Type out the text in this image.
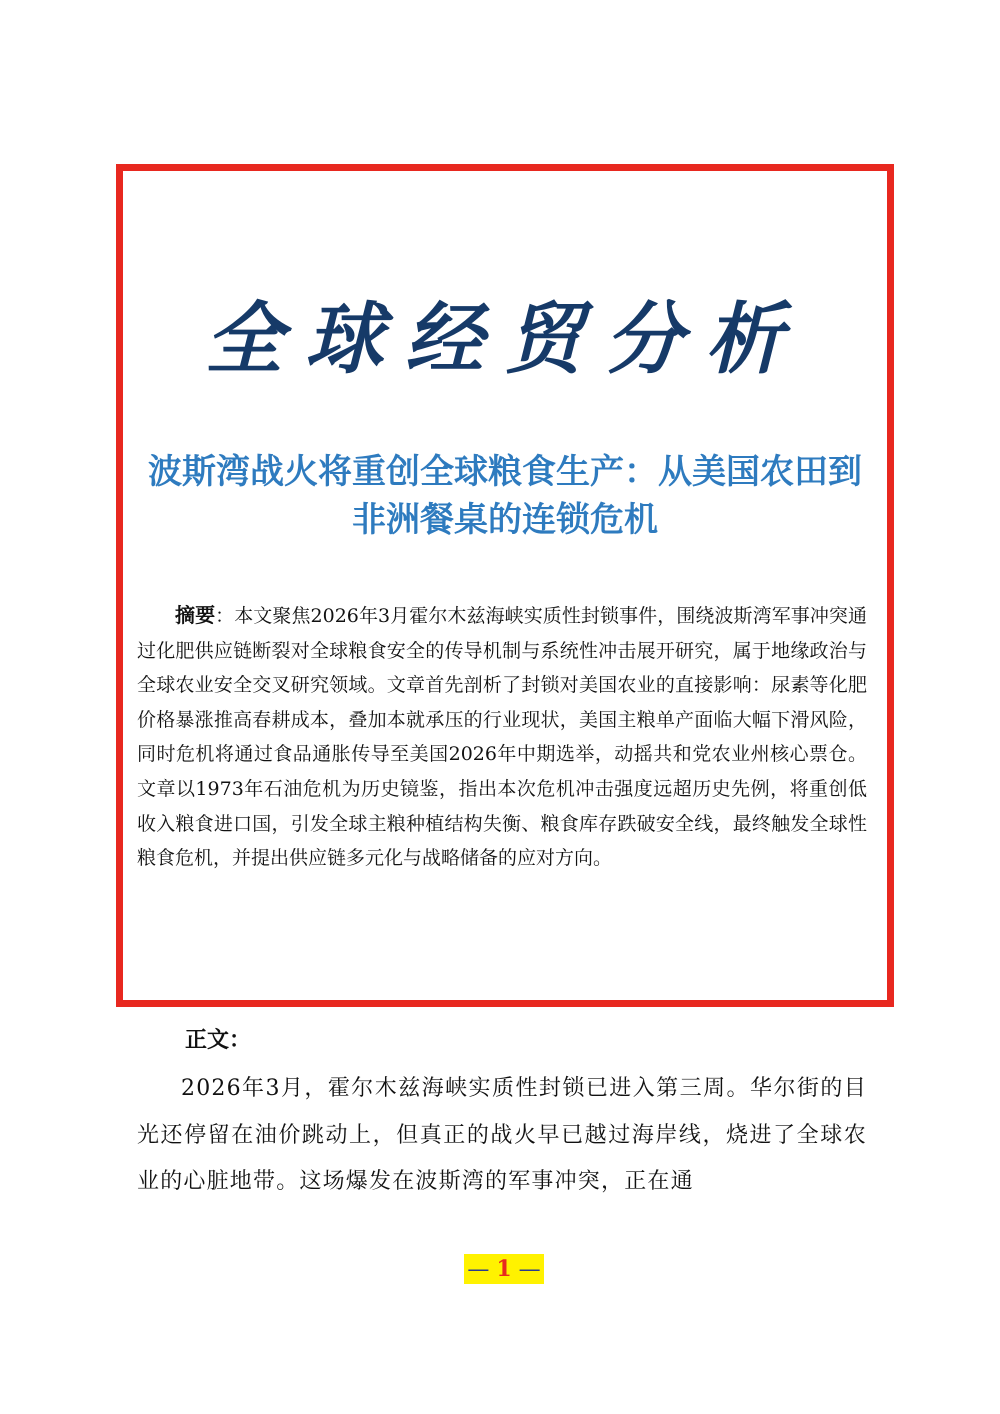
全球经贸分析
波斯湾战火将重创全球粮食生产：从美国农田到非洲餐桌的连锁危机
摘要：本文聚焦2026年3月霍尔木兹海峡实质性封锁事件，围绕波斯湾军事冲突通过化肥供应链断裂对全球粮食安全的传导机制与系统性冲击展开研究，属于地缘政治与全球农业安全交叉研究领域。文章首先剖析了封锁对美国农业的直接影响：尿素等化肥价格暴涨推高春耕成本，叠加本就承压的行业现状，美国主粮单产面临大幅下滑风险，同时危机将通过食品通胀传导至美国2026年中期选举，动摇共和党农业州核心票仓。文章以1973年石油危机为历史镜鉴，指出本次危机冲击强度远超历史先例，将重创低收入粮食进口国，引发全球主粮种植结构失衡、粮食库存跌破安全线，最终触发全球性粮食危机，并提出供应链多元化与战略储备的应对方向。
正文：
2026年3月，霍尔木兹海峡实质性封锁已进入第三周。华尔街的目光还停留在油价跳动上，但真正的战火早已越过海岸线，烧进了全球农业的心脏地带。这场爆发在波斯湾的军事冲突，正在通
— 1 —
